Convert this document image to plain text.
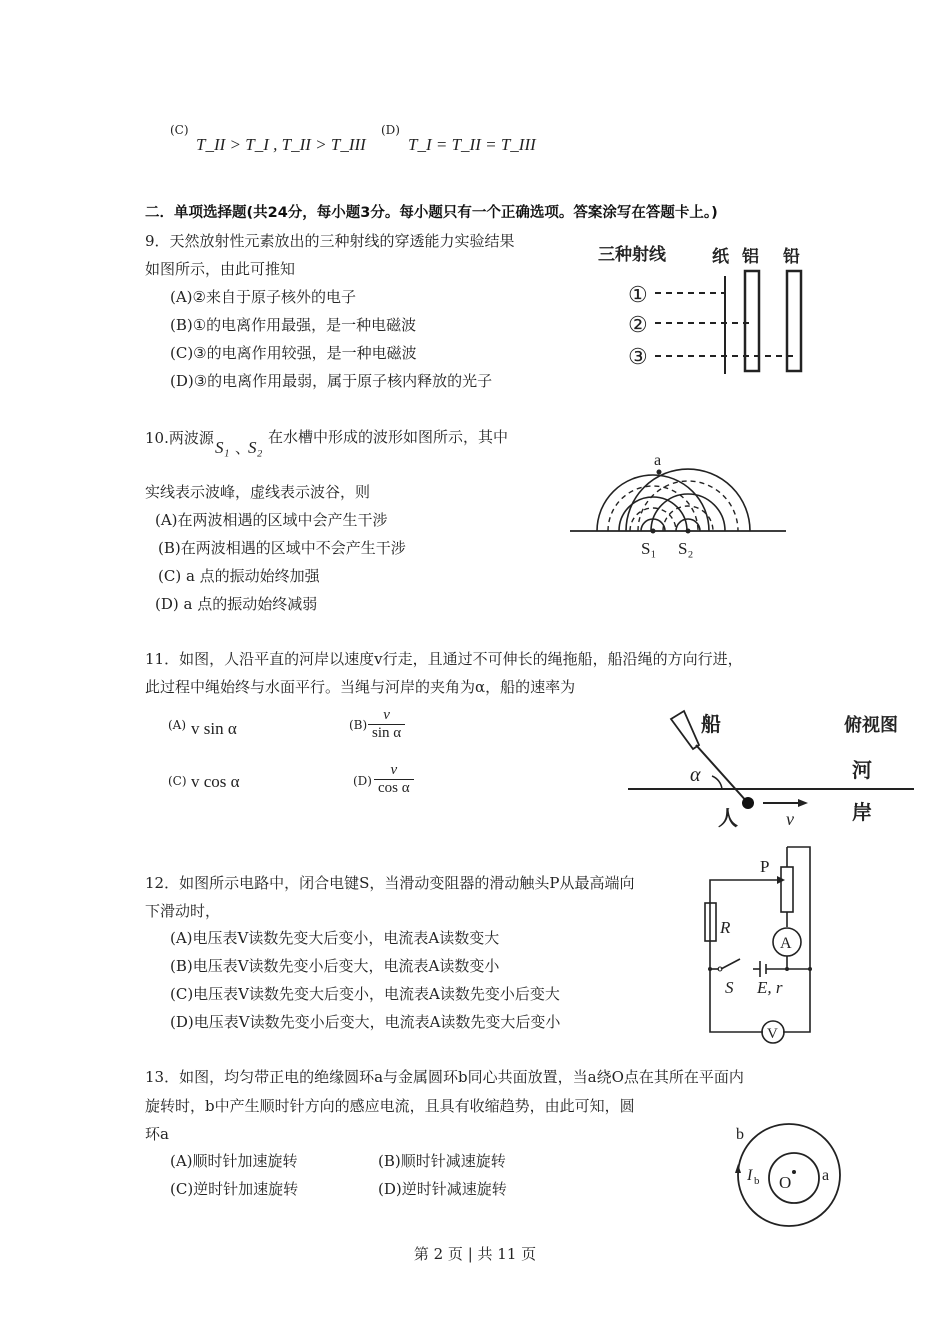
(C)
T_II > T_I , T_II > T_III
(D)
T_I = T_II = T_III
二．单项选择题(共24分，每小题3分。每小题只有一个正确选项。答案涂写在答题卡上。)
9．天然放射性元素放出的三种射线的穿透能力实验结果
如图所示，由此可推知
(A)②来自于原子核外的电子
(B)①的电离作用最强，是一种电磁波
(C)③的电离作用较强，是一种电磁波
(D)③的电离作用最弱，属于原子核内释放的光子
三种射线	纸 铝 铅
①
②
③
10.两波源 S₁ 、
S₂
在水槽中形成的波形如图所示，其中
实线表示波峰，虚线表示波谷，则
(A)在两波相遇的区域中会产生干涉
(B)在两波相遇的区域中不会产生干涉
(C) a 点的振动始终加强
(D) a 点的振动始终减弱
a
S₁ S₂
11．如图，人沿平直的河岸以速度v行走，且通过不可伸长的绳拖船，船沿绳的方向行进，
此过程中绳始终与水面平行。当绳与河岸的夹角为α，船的速率为
(A) v sin α	$(B) \frac{v}{\text{sin α}}$
(C) v cos α	$(D) \frac{v}{\text{cos α}}$
船	俯视图
河
岸
人
α
v
12．如图所示电路中，闭合电键S，当滑动变阻器的滑动触头P从最高端向
下滑动时，
(A)电压表V读数先变大后变小，电流表A读数变大
(B)电压表V读数先变小后变大，电流表A读数变小
(C)电压表V读数先变大后变小，电流表A读数先变小后变大
(D)电压表V读数先变小后变大，电流表A读数先变大后变小
P
R
A
S E, r
V
13．如图，均匀带正电的绝缘圆环a与金属圆环b同心共面放置，当a绕O点在其所在平面内
旋转时，b中产生顺时针方向的感应电流，且具有收缩趋势，由此可知，圆
环a
(A)顺时针加速旋转	(B)顺时针减速旋转
(C)逆时针加速旋转	(D)逆时针减速旋转
b
a
O
I b
第 2 页 | 共 11 页
